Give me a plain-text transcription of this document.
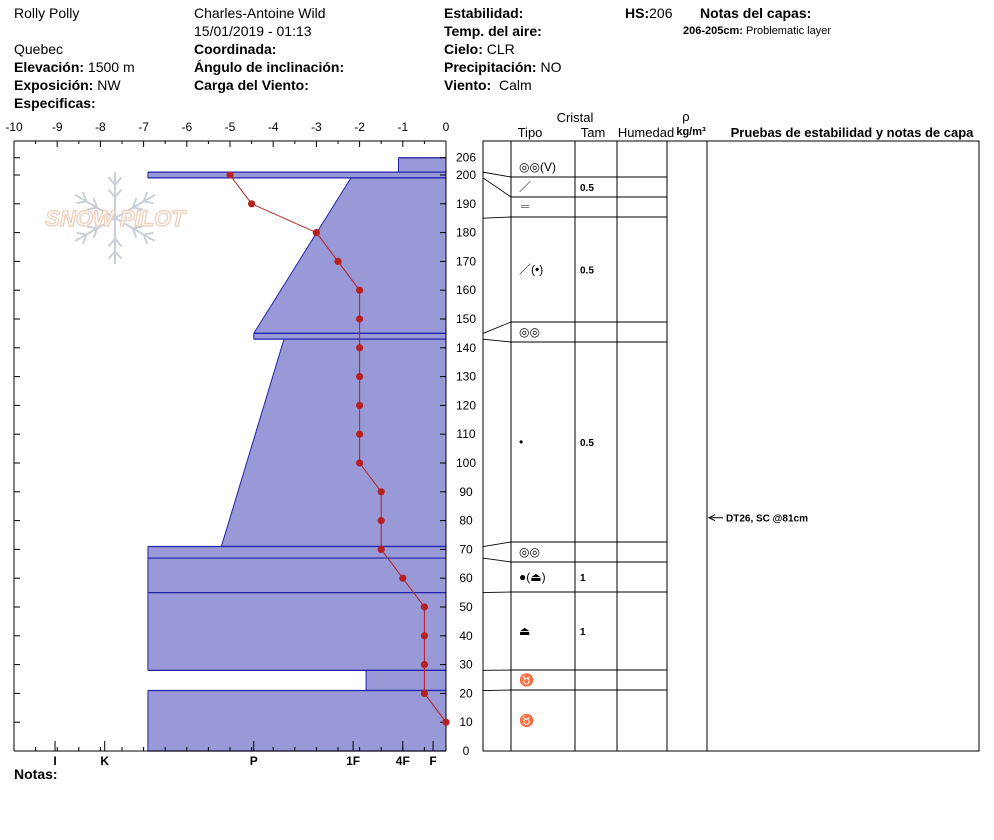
Rolly Polly
Quebec
Elevación: 1500 m
Exposición: NW
Especificas:
Charles-Antoine Wild
15/01/2019 - 01:13
Coordinada:
Ángulo de inclinación:
Carga del Viento:
Estabilidad:
Temp. del aire:
Cielo: CLR
Precipitación: NO
Viento: Calm
HS:206 Notas del capas:
206-205cm: Problematic layer
Notas:
SNOW PILOT
-10 -9	-8	-7	-6	-5	-4	-3	-2	-1	0
I	K	P	1F	4F F
0
10
20
30
40
50
60
70
80
90
100
110
120
130
140
150
160
170
180
190
200
206
Cristal
Tipo	Tam Humedad
ρ
kg/m³ Pruebas de estabilidad y notas de capa
◎◎(V)
／	0.5
＝
／(•)	0.5
◎◎
•	0.5
◎◎
●(⏏)	1
⏏	1
♉
♉
DT26, SC @81cm
